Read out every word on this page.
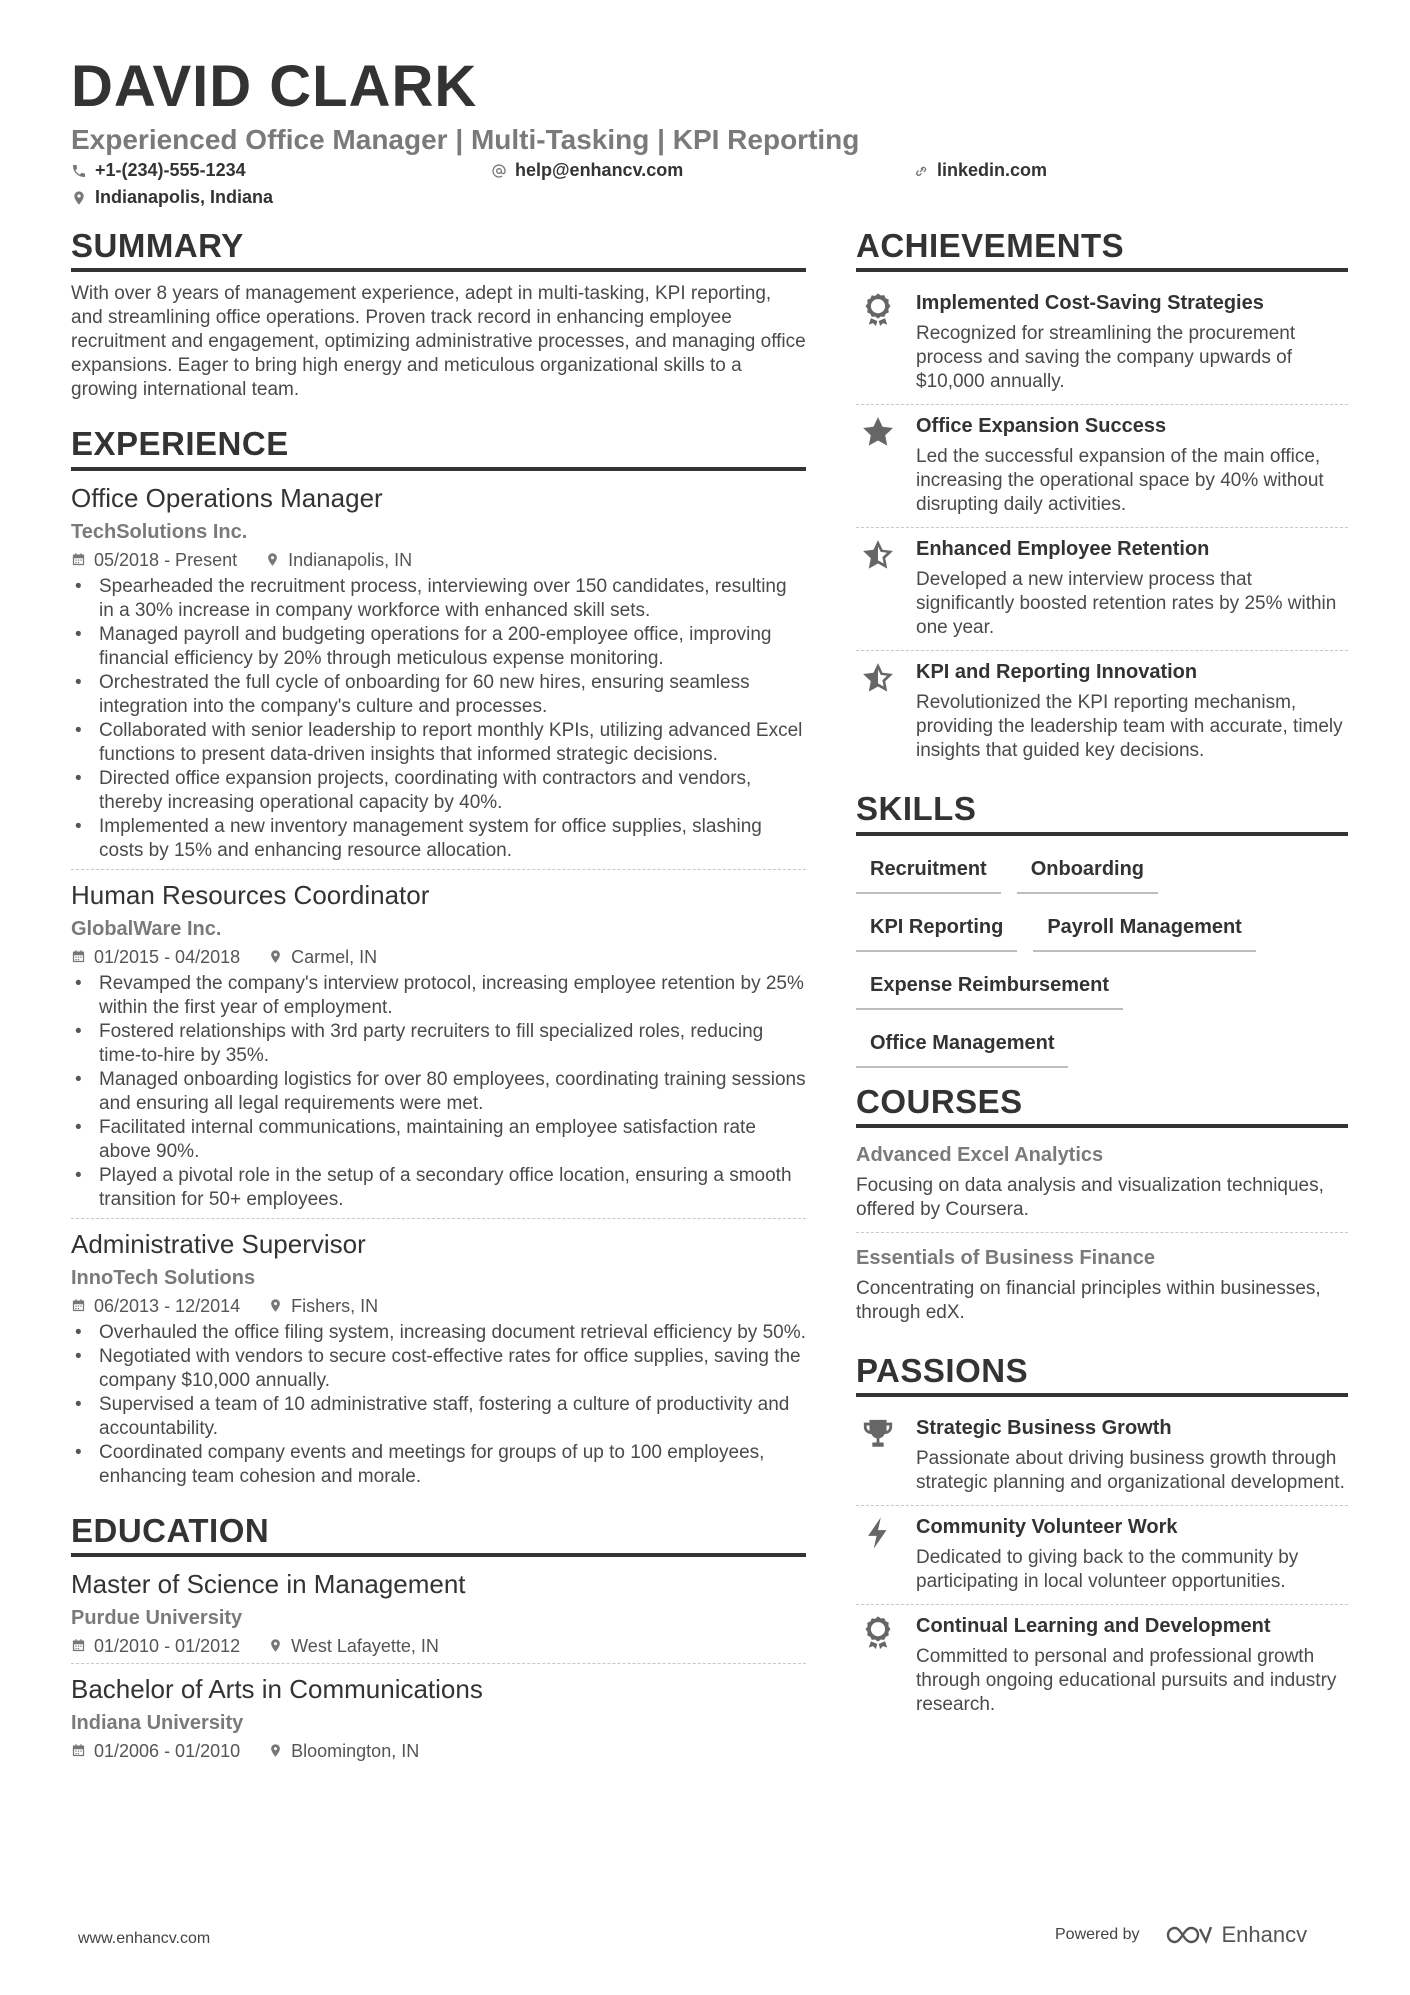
DAVID CLARK
Experienced Office Manager | Multi-Tasking | KPI Reporting
+1-(234)-555-1234	help@enhancv.com	linkedin.com
Indianapolis, Indiana
SUMMARY
With over 8 years of management experience, adept in multi-tasking, KPI reporting, and streamlining office operations. Proven track record in enhancing employee recruitment and engagement, optimizing administrative processes, and managing office expansions. Eager to bring high energy and meticulous organizational skills to a growing international team.
EXPERIENCE
Office Operations Manager
TechSolutions Inc.
05/2018 - Present	Indianapolis, IN
• Spearheaded the recruitment process, interviewing over 150 candidates, resulting in a 30% increase in company workforce with enhanced skill sets.
• Managed payroll and budgeting operations for a 200-employee office, improving financial efficiency by 20% through meticulous expense monitoring.
• Orchestrated the full cycle of onboarding for 60 new hires, ensuring seamless integration into the company's culture and processes.
• Collaborated with senior leadership to report monthly KPIs, utilizing advanced Excel functions to present data-driven insights that informed strategic decisions.
• Directed office expansion projects, coordinating with contractors and vendors, thereby increasing operational capacity by 40%.
• Implemented a new inventory management system for office supplies, slashing costs by 15% and enhancing resource allocation.
Human Resources Coordinator
GlobalWare Inc.
01/2015 - 04/2018	Carmel, IN
• Revamped the company's interview protocol, increasing employee retention by 25% within the first year of employment.
• Fostered relationships with 3rd party recruiters to fill specialized roles, reducing time-to-hire by 35%.
• Managed onboarding logistics for over 80 employees, coordinating training sessions and ensuring all legal requirements were met.
• Facilitated internal communications, maintaining an employee satisfaction rate above 90%.
• Played a pivotal role in the setup of a secondary office location, ensuring a smooth transition for 50+ employees.
Administrative Supervisor
InnoTech Solutions
06/2013 - 12/2014	Fishers, IN
• Overhauled the office filing system, increasing document retrieval efficiency by 50%.
• Negotiated with vendors to secure cost-effective rates for office supplies, saving the company $10,000 annually.
• Supervised a team of 10 administrative staff, fostering a culture of productivity and accountability.
• Coordinated company events and meetings for groups of up to 100 employees, enhancing team cohesion and morale.
EDUCATION
Master of Science in Management
Purdue University
01/2010 - 01/2012	West Lafayette, IN
Bachelor of Arts in Communications
Indiana University
01/2006 - 01/2010	Bloomington, IN
ACHIEVEMENTS
Implemented Cost-Saving Strategies
Recognized for streamlining the procurement process and saving the company upwards of $10,000 annually.
Office Expansion Success
Led the successful expansion of the main office, increasing the operational space by 40% without disrupting daily activities.
Enhanced Employee Retention
Developed a new interview process that significantly boosted retention rates by 25% within one year.
KPI and Reporting Innovation
Revolutionized the KPI reporting mechanism, providing the leadership team with accurate, timely insights that guided key decisions.
SKILLS
Recruitment	Onboarding
KPI Reporting	Payroll Management
Expense Reimbursement
Office Management
COURSES
Advanced Excel Analytics
Focusing on data analysis and visualization techniques, offered by Coursera.
Essentials of Business Finance
Concentrating on financial principles within businesses, through edX.
PASSIONS
Strategic Business Growth
Passionate about driving business growth through strategic planning and organizational development.
Community Volunteer Work
Dedicated to giving back to the community by participating in local volunteer opportunities.
Continual Learning and Development
Committed to personal and professional growth through ongoing educational pursuits and industry research.
www.enhancv.com	Powered by	Enhancv
